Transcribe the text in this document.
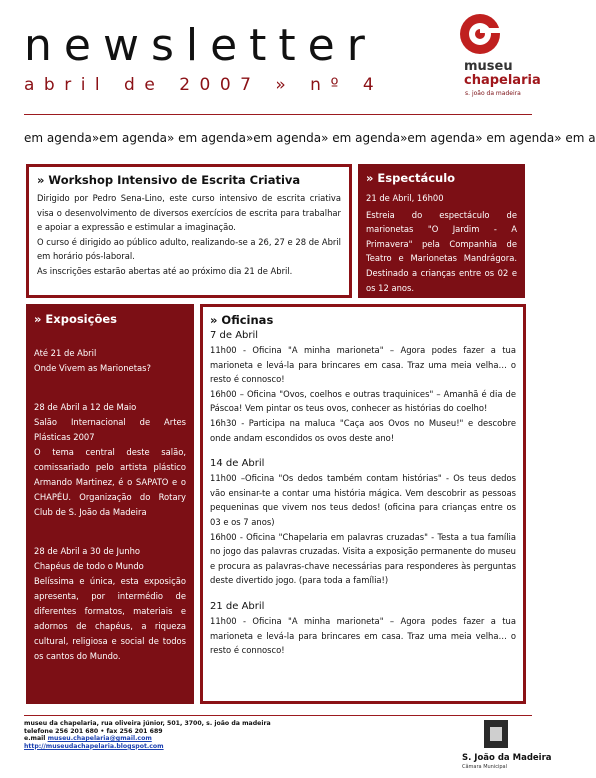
newsletter
abril de 2007 » nº 4
museu
chapelaria
s. joão da madeira
em agenda»em agenda» em agenda»em agenda» em agenda»em agenda» em agenda» em a
» Workshop Intensivo de Escrita Criativa

Dirigido por Pedro Sena-Lino, este curso intensivo de escrita criativa visa o desenvolvimento de diversos exercícios de escrita para trabalhar e apoiar a expressão e estimular a imaginação.

O curso é dirigido ao público adulto, realizando-se a 26, 27 e 28 de Abril em horário pós-laboral.

As inscrições estarão abertas até ao próximo dia 21 de Abril.

» Espectáculo

21 de Abril, 16h00

Estreia do espectáculo de marionetas "O Jardim - A Primavera" pela Companhia de Teatro e Marionetas Mandrágora. Destinado a crianças entre os 02 e os 12 anos.

» Exposições

Até 21 de Abril

Onde Vivem as Marionetas?

28 de Abril a 12 de Maio

Salão Internacional de Artes Plásticas 2007

O tema central deste salão, comissariado pelo artista plástico Armando Martinez, é o SAPATO e o CHAPÉU. Organização do Rotary Club de S. João da Madeira

28 de Abril a 30 de Junho

Chapéus de todo o Mundo

Belíssima e única, esta exposição apresenta, por intermédio de diferentes formatos, materiais e adornos de chapéus, a riqueza cultural, religiosa e social de todos os cantos do Mundo.

» Oficinas
7 de Abril

11h00 - Oficina "A minha marioneta" – Agora podes fazer a tua marioneta e levá-la para brincares em casa. Traz uma meia velha… o resto é connosco!

16h00 – Oficina "Ovos, coelhos e outras traquinices" – Amanhã é dia de Páscoa! Vem pintar os teus ovos, conhecer as histórias do coelho!

16h30 - Participa na maluca "Caça aos Ovos no Museu!" e descobre onde andam escondidos os ovos deste ano!

14 de Abril

11h00 –Oficina "Os dedos também contam histórias" - Os teus dedos vão ensinar-te a contar uma história mágica. Vem descobrir as pessoas pequeninas que vivem nos teus dedos! (oficina para crianças entre os 03 e os 7 anos)

16h00 - Oficina "Chapelaria em palavras cruzadas" - Testa a tua família no jogo das palavras cruzadas. Visita a exposição permanente do museu e procura as palavras-chave necessárias para responderes às perguntas deste divertido jogo. (para toda a família!)

21 de Abril

11h00 - Oficina "A minha marioneta" – Agora podes fazer a tua marioneta e levá-la para brincares em casa. Traz uma meia velha… o resto é connosco!

museu da chapelaria, rua oliveira júnior, 501, 3700, s. joão da madeira
telefone 256 201 680 • fax 256 201 689
e.mail museu.chapelaria@gmail.com
http://museudachapelaria.blogspot.com
S. João da Madeira
Câmara Municipal
